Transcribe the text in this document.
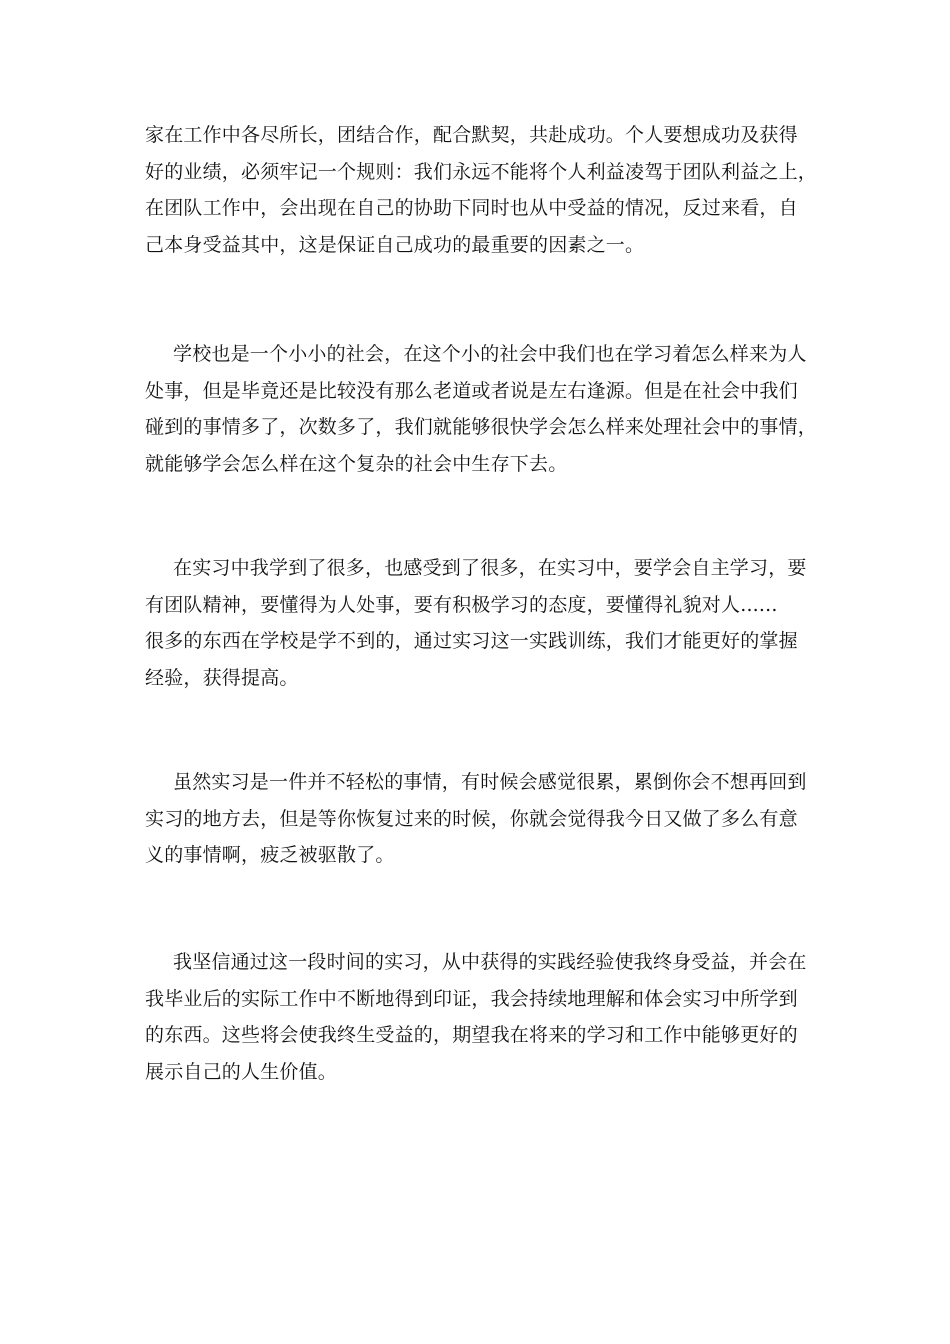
家在工作中各尽所长，团结合作，配合默契，共赴成功。个人要想成功及获得
好的业绩，必须牢记一个规则：我们永远不能将个人利益凌驾于团队利益之上，
在团队工作中，会出现在自己的协助下同时也从中受益的情况，反过来看，自
己本身受益其中，这是保证自己成功的最重要的因素之一。

学校也是一个小小的社会，在这个小的社会中我们也在学习着怎么样来为人
处事，但是毕竟还是比较没有那么老道或者说是左右逢源。但是在社会中我们
碰到的事情多了，次数多了，我们就能够很快学会怎么样来处理社会中的事情，
就能够学会怎么样在这个复杂的社会中生存下去。

在实习中我学到了很多，也感受到了很多，在实习中，要学会自主学习，要
有团队精神，要懂得为人处事，要有积极学习的态度，要懂得礼貌对人......
很多的东西在学校是学不到的，通过实习这一实践训练，我们才能更好的掌握
经验，获得提高。

虽然实习是一件并不轻松的事情，有时候会感觉很累，累倒你会不想再回到
实习的地方去，但是等你恢复过来的时候，你就会觉得我今日又做了多么有意
义的事情啊，疲乏被驱散了。

我坚信通过这一段时间的实习，从中获得的实践经验使我终身受益，并会在
我毕业后的实际工作中不断地得到印证，我会持续地理解和体会实习中所学到
的东西。这些将会使我终生受益的，期望我在将来的学习和工作中能够更好的
展示自己的人生价值。
